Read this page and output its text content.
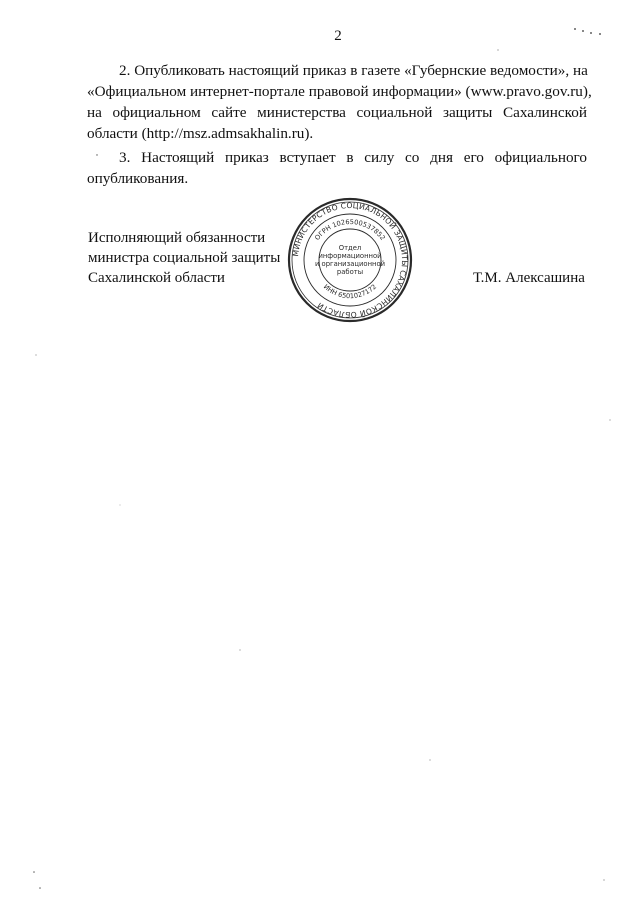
2
2. Опубликовать настоящий приказ в газете «Губернские ведомости», на
«Официальном интернет-портале правовой информации» (www.pravo.gov.ru),
на официальном сайте министерства социальной защиты Сахалинской
области (http://msz.admsakhalin.ru).
3. Настоящий приказ вступает в силу со дня его официального
опубликования.
Исполняющий обязанности
министра социальной защиты
Сахалинской области
МИНИСТЕРСТВО СОЦИАЛЬНОЙ ЗАЩИТЫ САХАЛИНСКОЙ ОБЛАСТИ
ОГРН 1026500537852
ИНН 6501027172
Отдел
информационной
и организационной
работы	Т.М. Алексашина
